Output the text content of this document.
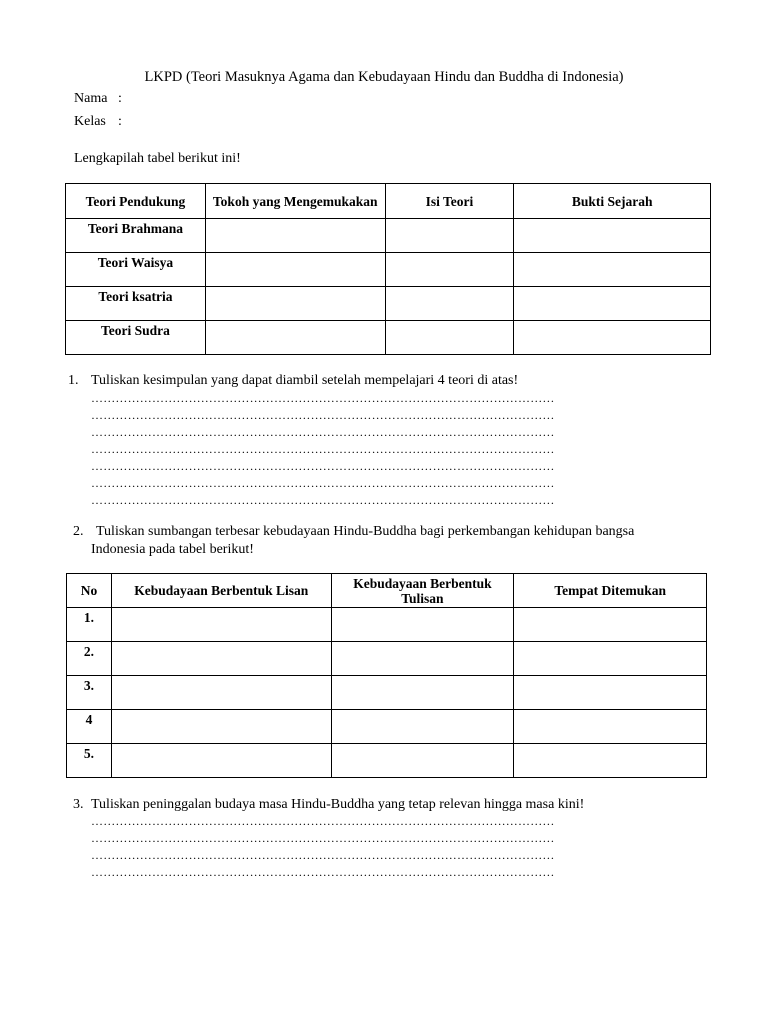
LKPD (Teori Masuknya Agama dan Kebudayaan Hindu dan Buddha di Indonesia)
Nama :
Kelas :
Lengkapilah tabel berikut ini!
Teori Pendukung	Tokoh yang Mengemukakan	Isi Teori	Bukti Sejarah
Teori Brahmana			
Teori Waisya			
Teori ksatria			
Teori Sudra			
1. Tuliskan kesimpulan yang dapat diambil setelah mempelajari 4 teori di atas!
……………………………………………………………………………………………………
……………………………………………………………………………………………………
……………………………………………………………………………………………………
……………………………………………………………………………………………………
……………………………………………………………………………………………………
……………………………………………………………………………………………………
……………………………………………………………………………………………………
2. Tuliskan sumbangan terbesar kebudayaan Hindu-Buddha bagi perkembangan kehidupan bangsa
Indonesia pada tabel berikut!
No	Kebudayaan Berbentuk Lisan	Kebudayaan Berbentuk Tulisan	Tempat Ditemukan
1.			
2.			
3.			
4			
5.			
3. Tuliskan peninggalan budaya masa Hindu-Buddha yang tetap relevan hingga masa kini!
……………………………………………………………………………………………………
……………………………………………………………………………………………………
……………………………………………………………………………………………………
……………………………………………………………………………………………………
